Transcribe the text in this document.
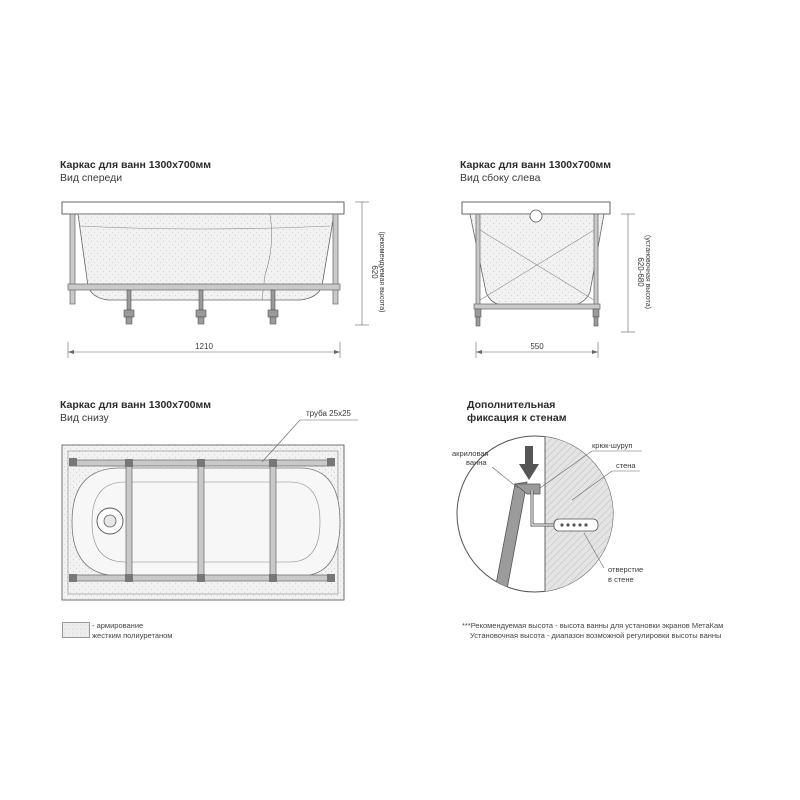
Каркас для ванн 1300х700мм
Вид спереди
Каркас для ванн 1300х700мм
Вид сбоку слева
Каркас для ванн 1300х700мм
Вид снизу
Дополнительная
фиксация к стенам
620 (рекомендуемая высота)
1210
620-680 (установочная высота)
550
труба 25х25
акриловая
ванна
крюк-шуруп
стена
отверстие
в стене
- армирование
жестким полиуретаном
***Рекомендуемая высота - высота ванны для установки экранов МетаКам
Установочная высота - диапазон возможной регулировки высоты ванны
